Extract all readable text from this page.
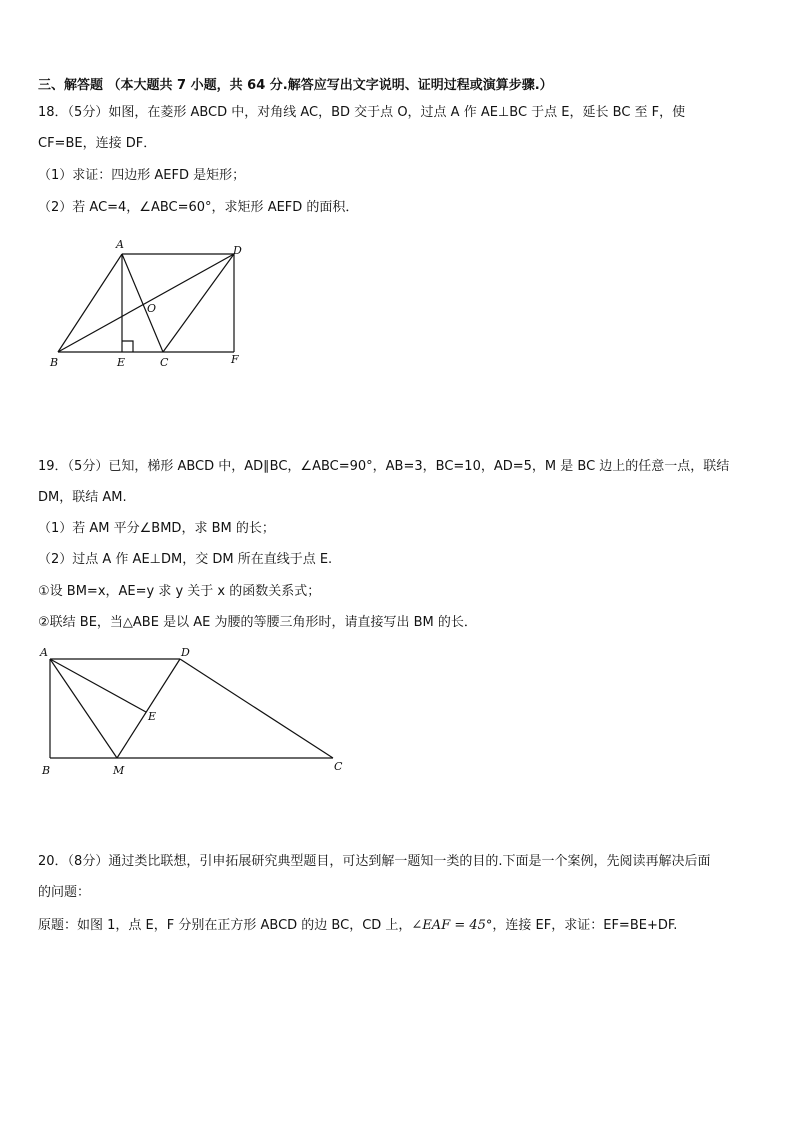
三、解答题 （本大题共 7 小题，共 64 分.解答应写出文字说明、证明过程或演算步骤.）
18．（5分）如图，在菱形 ABCD 中，对角线 AC，BD 交于点 O，过点 A 作 AE⊥BC 于点 E，延长 BC 至 F，使
CF=BE，连接 DF．
（1）求证：四边形 AEFD 是矩形；
（2）若 AC=4，∠ABC=60°，求矩形 AEFD 的面积．
A	D
O
B	E	C	F
19．（5分）已知，梯形 ABCD 中，AD∥BC，∠ABC=90°，AB=3，BC=10，AD=5，M 是 BC 边上的任意一点，联结
DM，联结 AM.
（1）若 AM 平分∠BMD，求 BM 的长；
（2）过点 A 作 AE⊥DM，交 DM 所在直线于点 E.
①设 BM=x，AE=y 求 y 关于 x 的函数关系式；
②联结 BE，当△ABE 是以 AE 为腰的等腰三角形时，请直接写出 BM 的长．
A	D
E
B	M	C
20．（8分）通过类比联想，引申拓展研究典型题目，可达到解一题知一类的目的.下面是一个案例，先阅读再解决后面
的问题：
原题：如图 1，点 E，F 分别在正方形 ABCD 的边 BC，CD 上，∠EAF = 45°，连接 EF，求证：EF=BE+DF.
